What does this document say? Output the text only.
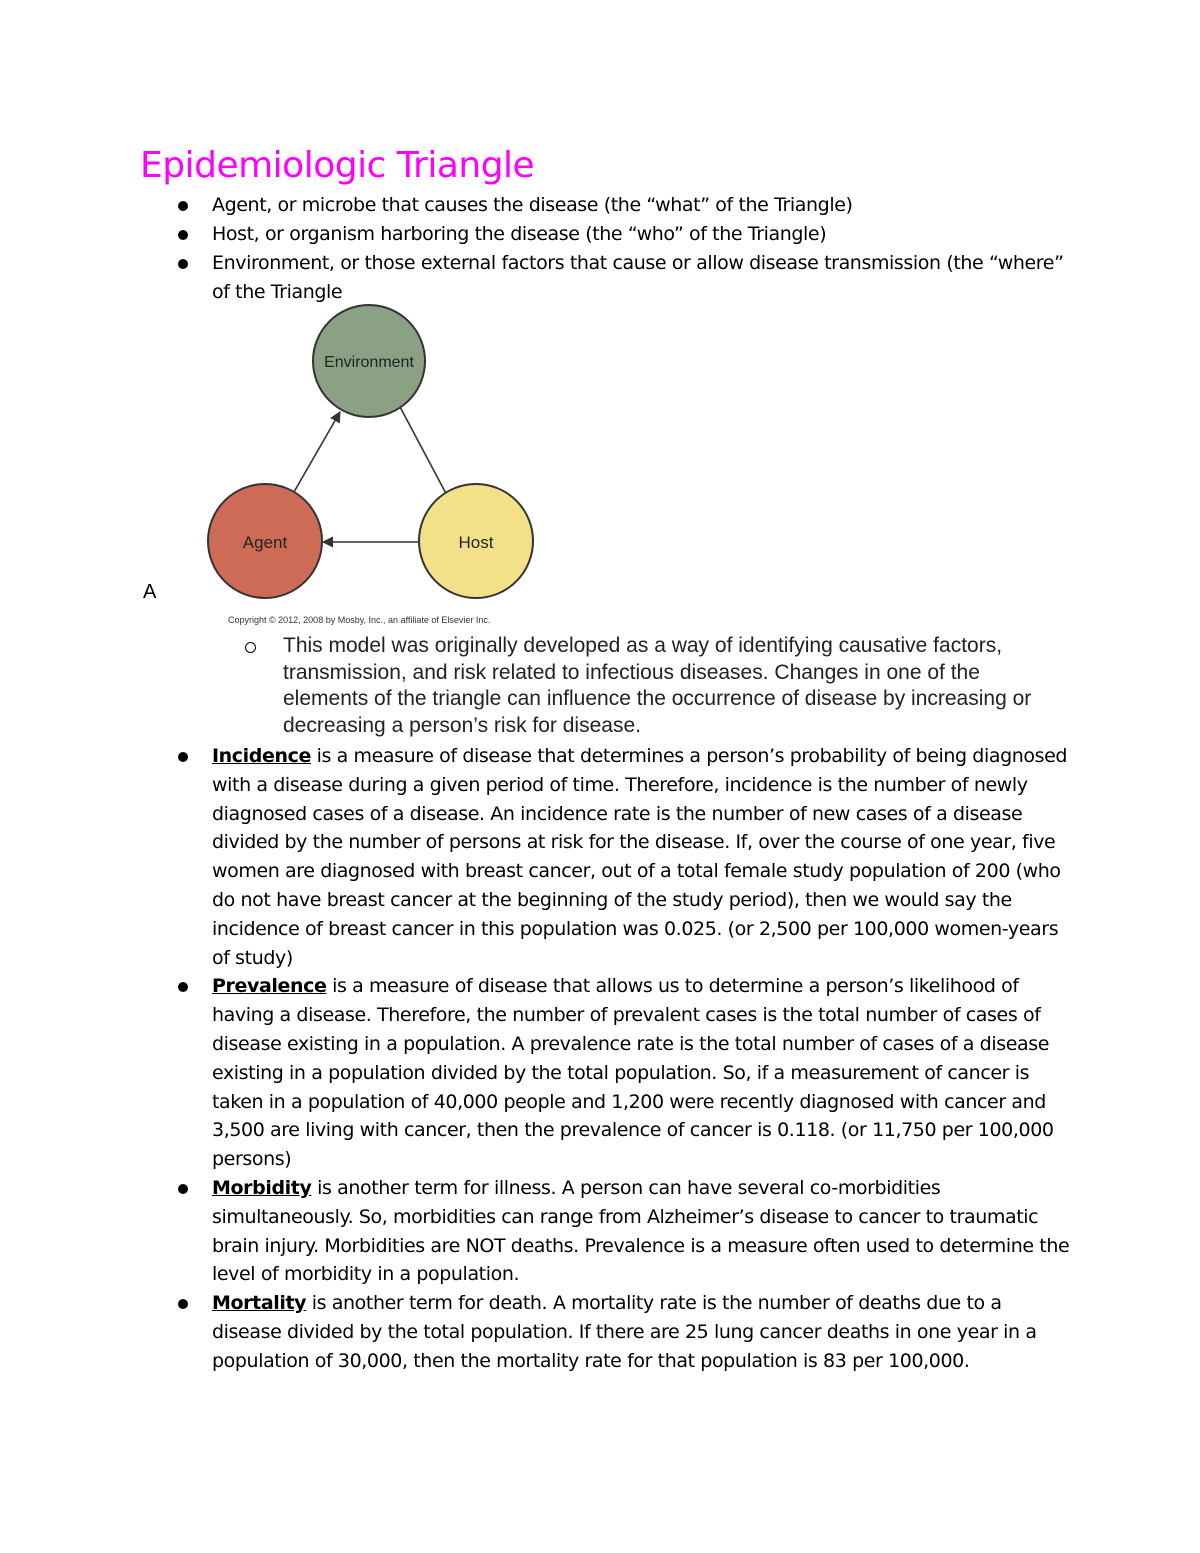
Epidemiologic Triangle
Agent, or microbe that causes the disease (the “what” of the Triangle)
Host, or organism harboring the disease (the “who” of the Triangle)
Environment, or those external factors that cause or allow disease transmission (the “where” of the Triangle
Environment
Agent	Host
A
Copyright © 2012, 2008 by Mosby, Inc., an affiliate of Elsevier Inc.
This model was originally developed as a way of identifying causative factors, transmission, and risk related to infectious diseases. Changes in one of the elements of the triangle can influence the occurrence of disease by increasing or decreasing a person’s risk for disease.
Incidence is a measure of disease that determines a person’s probability of being diagnosed with a disease during a given period of time. Therefore, incidence is the number of newly diagnosed cases of a disease. An incidence rate is the number of new cases of a disease divided by the number of persons at risk for the disease. If, over the course of one year, five women are diagnosed with breast cancer, out of a total female study population of 200 (who do not have breast cancer at the beginning of the study period), then we would say the incidence of breast cancer in this population was 0.025. (or 2,500 per 100,000 women-years of study)
Prevalence is a measure of disease that allows us to determine a person’s likelihood of having a disease. Therefore, the number of prevalent cases is the total number of cases of disease existing in a population. A prevalence rate is the total number of cases of a disease existing in a population divided by the total population. So, if a measurement of cancer is taken in a population of 40,000 people and 1,200 were recently diagnosed with cancer and 3,500 are living with cancer, then the prevalence of cancer is 0.118. (or 11,750 per 100,000 persons)
Morbidity is another term for illness. A person can have several co-morbidities simultaneously. So, morbidities can range from Alzheimer’s disease to cancer to traumatic brain injury. Morbidities are NOT deaths. Prevalence is a measure often used to determine the level of morbidity in a population.
Mortality is another term for death. A mortality rate is the number of deaths due to a disease divided by the total population. If there are 25 lung cancer deaths in one year in a population of 30,000, then the mortality rate for that population is 83 per 100,000.
